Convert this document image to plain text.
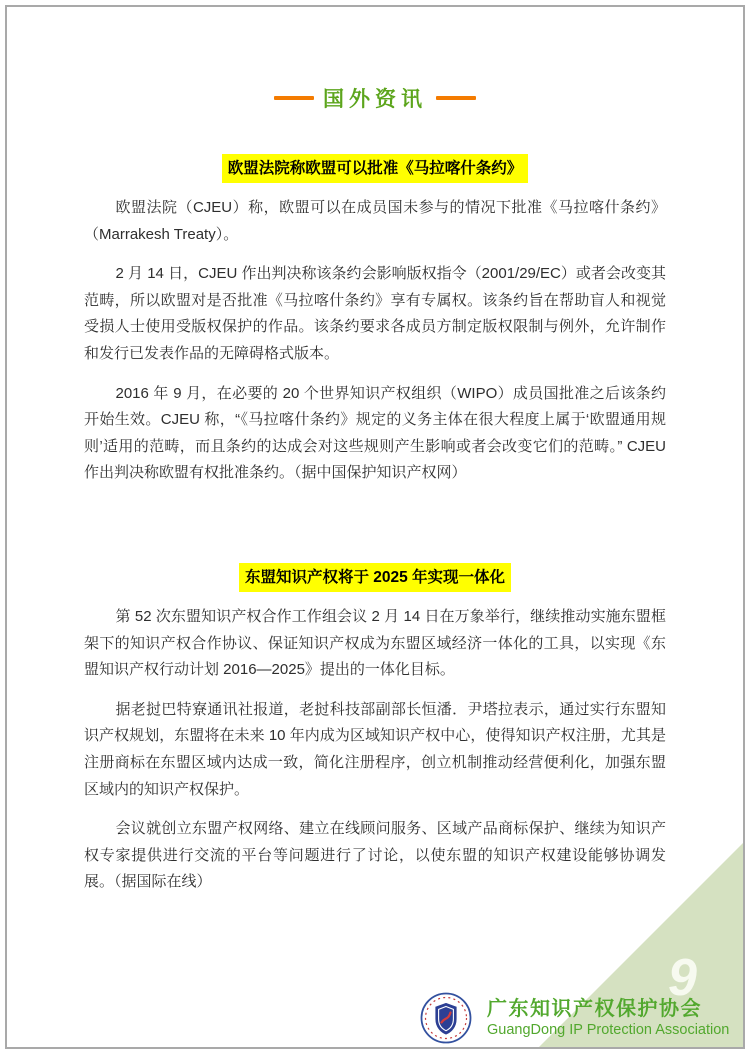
国外资讯
欧盟法院称欧盟可以批准《马拉喀什条约》

欧盟法院（CJEU）称，欧盟可以在成员国未参与的情况下批准《马拉喀什条约》（Marrakesh Treaty）。

2 月 14 日，CJEU 作出判决称该条约会影响版权指令（2001/29/EC）或者会改变其范畴，所以欧盟对是否批准《马拉喀什条约》享有专属权。该条约旨在帮助盲人和视觉受损人士使用受版权保护的作品。该条约要求各成员方制定版权限制与例外，允许制作和发行已发表作品的无障碍格式版本。

2016 年 9 月，在必要的 20 个世界知识产权组织（WIPO）成员国批准之后该条约开始生效。CJEU 称，“《马拉喀什条约》规定的义务主体在很大程度上属于‘欧盟通用规则’适用的范畴，而且条约的达成会对这些规则产生影响或者会改变它们的范畴。” CJEU 作出判决称欧盟有权批准条约。（据中国保护知识产权网）

东盟知识产权将于 2025 年实现一体化

第 52 次东盟知识产权合作工作组会议 2 月 14 日在万象举行，继续推动实施东盟框架下的知识产权合作协议、保证知识产权成为东盟区域经济一体化的工具，以实现《东盟知识产权行动计划 2016—2025》提出的一体化目标。

据老挝巴特寮通讯社报道，老挝科技部副部长恒潘．尹塔拉表示，通过实行东盟知识产权规划，东盟将在未来 10 年内成为区域知识产权中心，使得知识产权注册，尤其是注册商标在东盟区域内达成一致，简化注册程序，创立机制推动经营便利化，加强东盟区域内的知识产权保护。

会议就创立东盟产权网络、建立在线顾问服务、区域产品商标保护、继续为知识产权专家提供进行交流的平台等问题进行了讨论，以使东盟的知识产权建设能够协调发展。（据国际在线）

9
广东知识产权保护协会
GuangDong IP Protection Association
